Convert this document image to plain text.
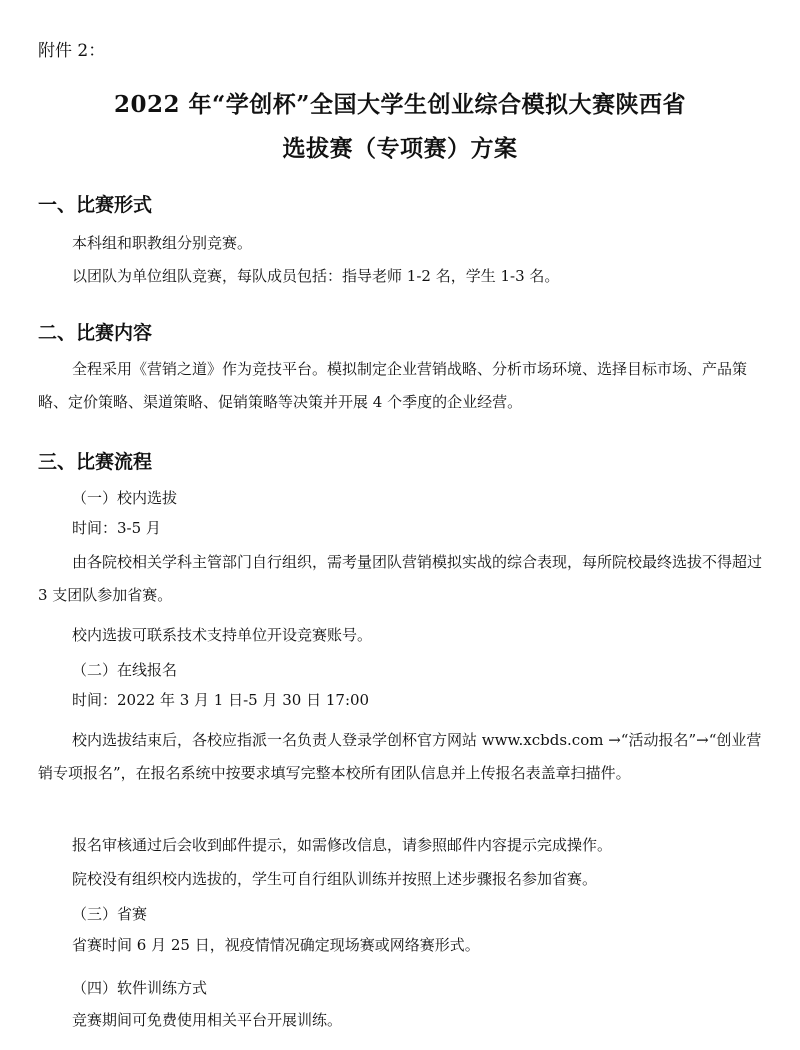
附件 2：
2022 年“学创杯”全国大学生创业综合模拟大赛陕西省
选拔赛（专项赛）方案
一、比赛形式
本科组和职教组分别竞赛。
以团队为单位组队竞赛，每队成员包括：指导老师 1-2 名，学生 1-3 名。
二、比赛内容
全程采用《营销之道》作为竞技平台。模拟制定企业营销战略、分析市场环境、选择目标市场、产品策略、定价策略、渠道策略、促销策略等决策并开展 4 个季度的企业经营。
三、比赛流程
（一）校内选拔
时间：3-5 月
由各院校相关学科主管部门自行组织，需考量团队营销模拟实战的综合表现，每所院校最终选拔不得超过 3 支团队参加省赛。
校内选拔可联系技术支持单位开设竞赛账号。
（二）在线报名
时间：2022 年 3 月 1 日-5 月 30 日 17:00
校内选拔结束后，各校应指派一名负责人登录学创杯官方网站 www.xcbds.com →“活动报名”→“创业营销专项报名”，在报名系统中按要求填写完整本校所有团队信息并上传报名表盖章扫描件。
报名审核通过后会收到邮件提示，如需修改信息，请参照邮件内容提示完成操作。
院校没有组织校内选拔的，学生可自行组队训练并按照上述步骤报名参加省赛。
（三）省赛
省赛时间 6 月 25 日，视疫情情况确定现场赛或网络赛形式。
（四）软件训练方式
竞赛期间可免费使用相关平台开展训练。
